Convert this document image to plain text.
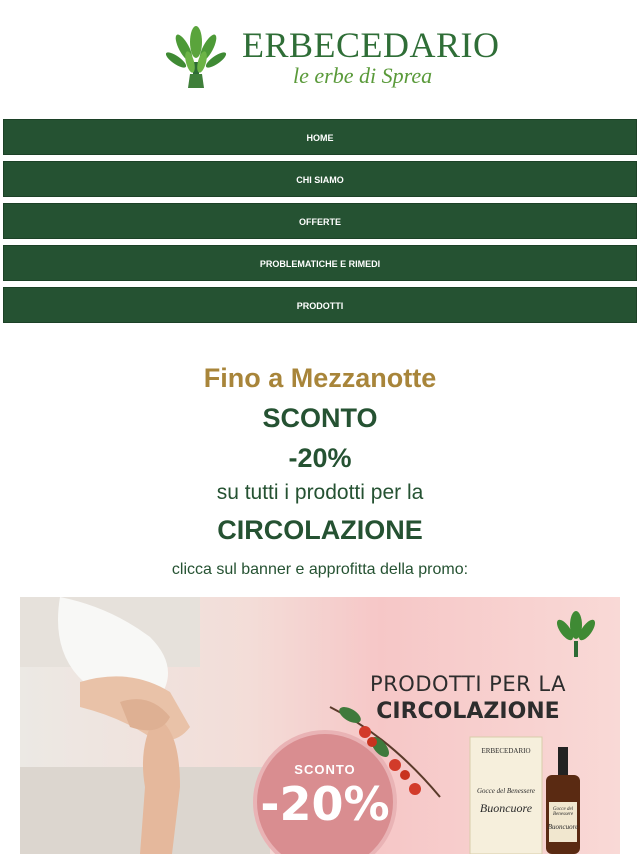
ERBECEDARIO
le erbe di Sprea
HOME
CHI SIAMO
OFFERTE
PROBLEMATICHE E RIMEDI
PRODOTTI
Fino a Mezzanotte
SCONTO
-20%
su tutti i prodotti per la
CIRCOLAZIONE
clicca sul banner e approfitta della promo:
PRODOTTI PER LA
CIRCOLAZIONE
SCONTO
-20%
ERBECEDARIO
Gocce del Benessere
Buoncuore	Gocce del Benessere
Buoncuore
